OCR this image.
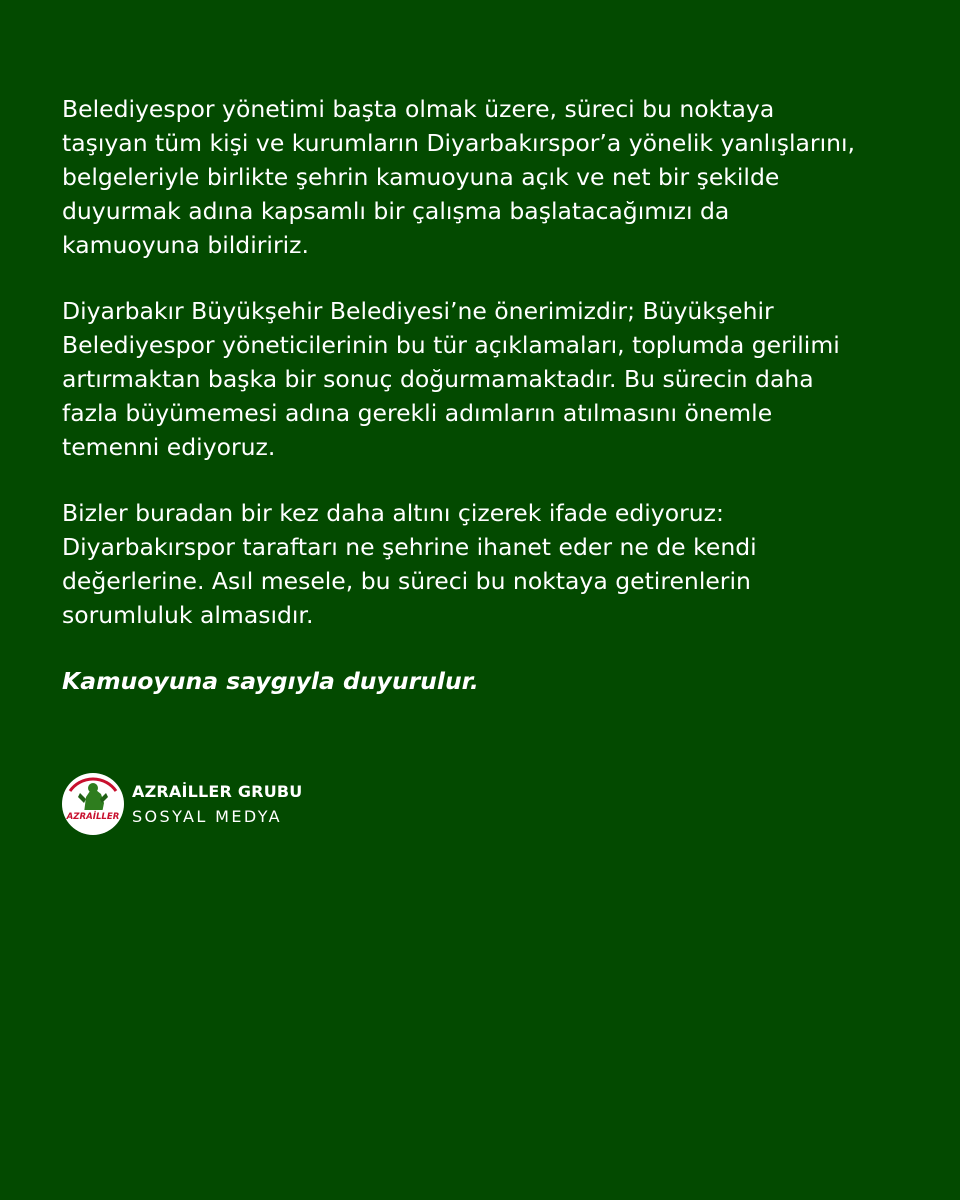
Belediyespor yönetimi başta olmak üzere, süreci bu noktaya
taşıyan tüm kişi ve kurumların Diyarbakırspor’a yönelik yanlışlarını,
belgeleriyle birlikte şehrin kamuoyuna açık ve net bir şekilde
duyurmak adına kapsamlı bir çalışma başlatacağımızı da
kamuoyuna bildiririz.

Diyarbakır Büyükşehir Belediyesi’ne önerimizdir; Büyükşehir
Belediyespor yöneticilerinin bu tür açıklamaları, toplumda gerilimi
artırmaktan başka bir sonuç doğurmamaktadır. Bu sürecin daha
fazla büyümemesi adına gerekli adımların atılmasını önemle
temenni ediyoruz.

Bizler buradan bir kez daha altını çizerek ifade ediyoruz:
Diyarbakırspor taraftarı ne şehrine ihanet eder ne de kendi
değerlerine. Asıl mesele, bu süreci bu noktaya getirenlerin
sorumluluk almasıdır.

Kamuoyuna saygıyla duyurulur.

AZRAİLLER
AZRAİLLER GRUBU
SOSYAL MEDYA
